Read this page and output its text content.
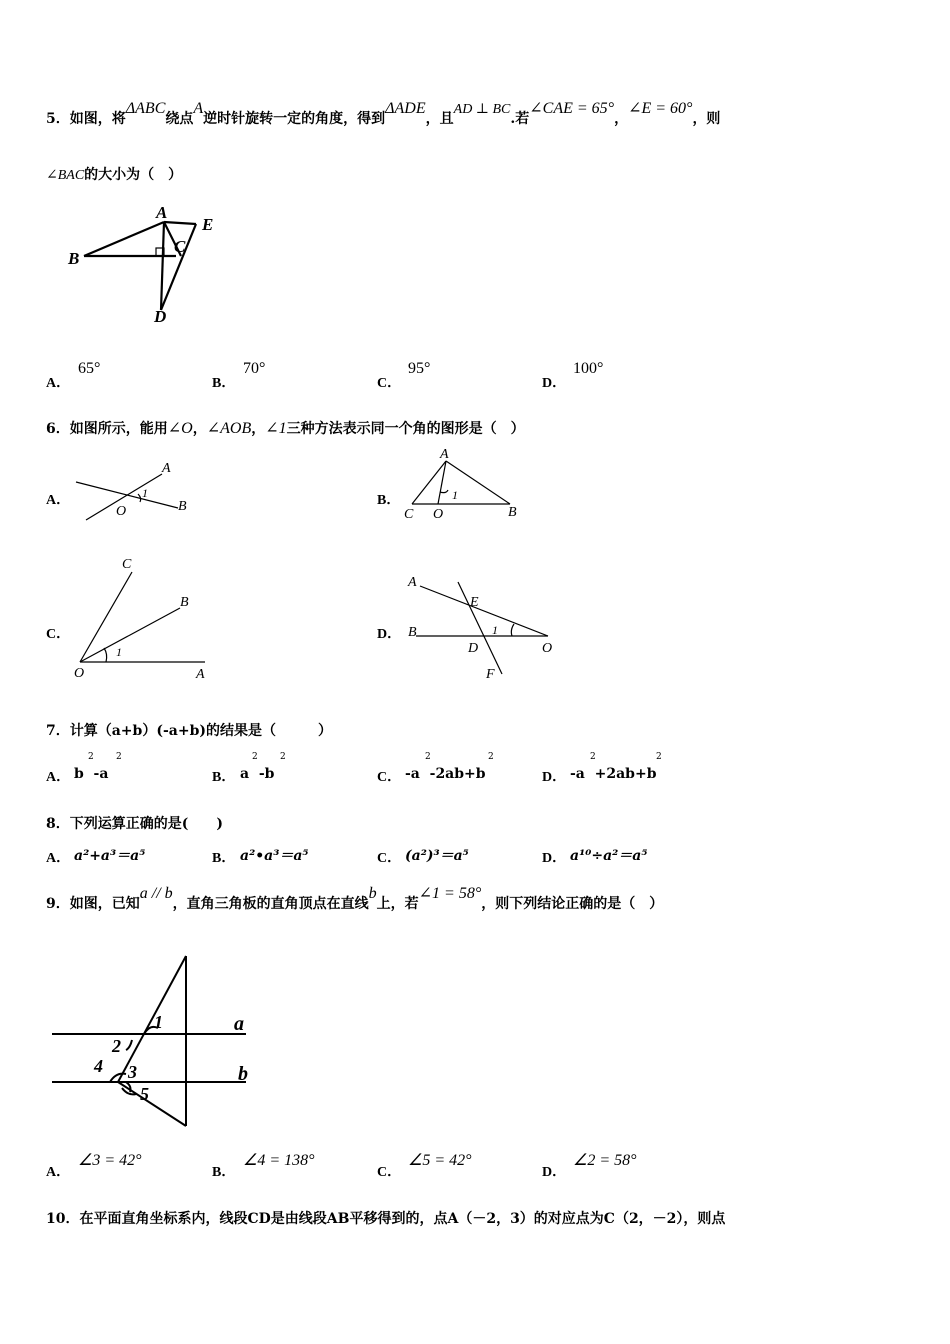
5．如图，将ΔABC绕点A逆时针旋转一定的角度，得到ΔADE，且AD ⊥ BC.若∠CAE = 65°，∠E = 60°，则
∠BAC的大小为（　）
A
E
B
C
D
A．
65°
B．
70°
C．
95°
D．
100°
6．如图所示，能用∠O，∠AOB，∠1三种方法表示同一个角的图形是（　）
A．
A
B
O
1	B．
A
C O	B
1
C．
C
B
1
O	A
D．
A
E
B	1
D	O
F
7．计算（a+b）(-a+b)的结果是（　　　）
A． b  -a	B． a  -b	C． -a  -2ab+b	D． -a  +2ab+b
2 2	2 2	2	2	2	2
8．下列运算正确的是(　　)
A． a²+a³＝a⁵	B． a²•a³＝a⁵	C． (a²)³＝a⁵	D． a¹⁰÷a²＝a⁵
9．如图，已知a // b，直角三角板的直角顶点在直线b上，若∠1 = 58°，则下列结论正确的是（　）
1
2
4 3
5
a
b
A．
∠3 = 42°
B．
∠4 = 138°
C．
∠5 = 42°
D．
∠2 = 58°
10．在平面直角坐标系内，线段CD是由线段AB平移得到的，点A（－2，3）的对应点为C（2，－2），则点
